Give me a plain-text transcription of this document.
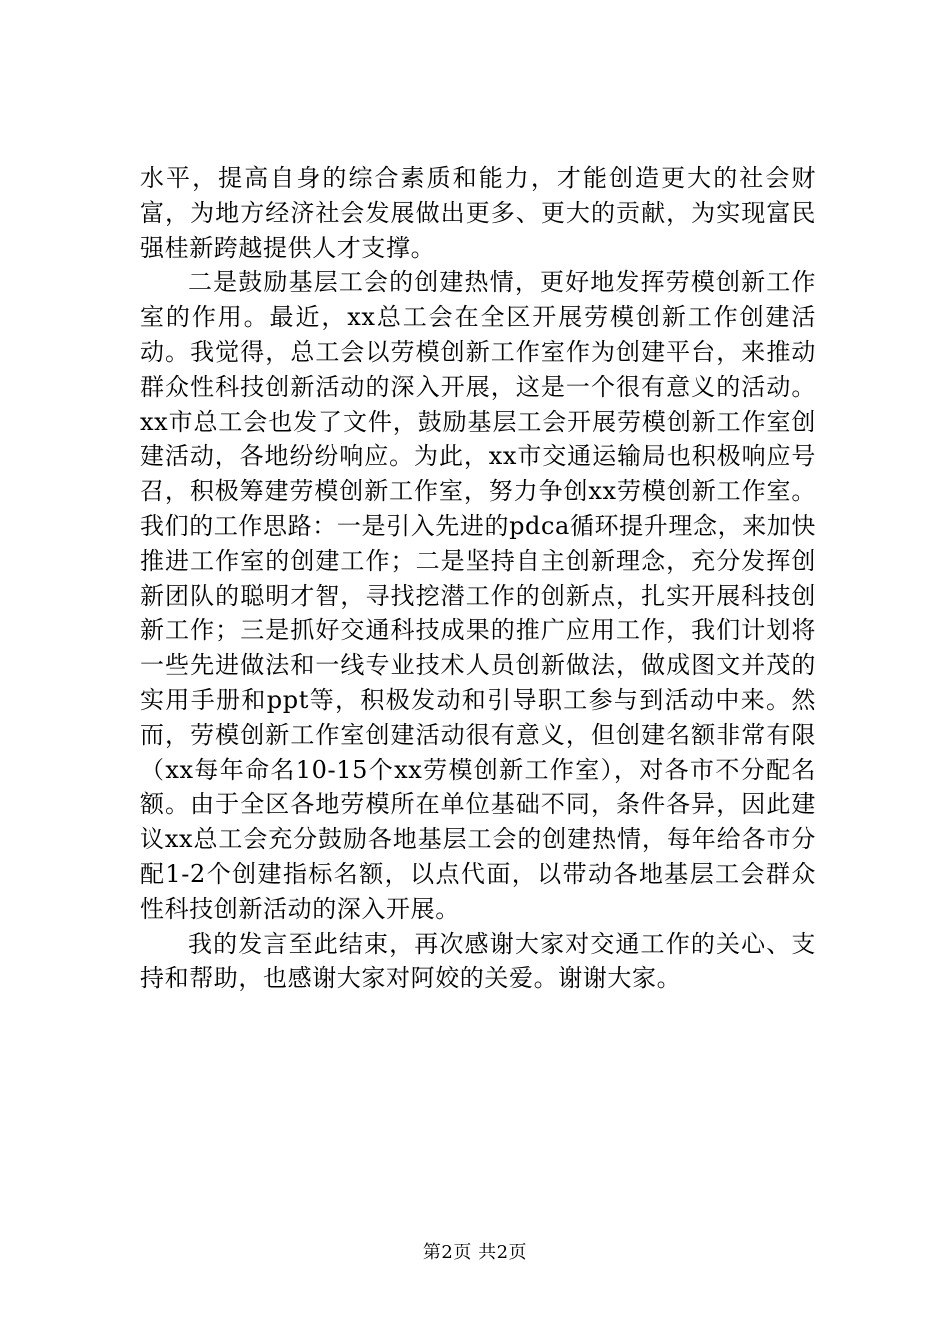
水平，提高自身的综合素质和能力，才能创造更大的社会财富，为地方经济社会发展做出更多、更大的贡献，为实现富民强桂新跨越提供人才支撑。

二是鼓励基层工会的创建热情，更好地发挥劳模创新工作室的作用。最近，xx总工会在全区开展劳模创新工作创建活动。我觉得，总工会以劳模创新工作室作为创建平台，来推动群众性科技创新活动的深入开展，这是一个很有意义的活动。xx市总工会也发了文件，鼓励基层工会开展劳模创新工作室创建活动，各地纷纷响应。为此，xx市交通运输局也积极响应号召，积极筹建劳模创新工作室，努力争创xx劳模创新工作室。我们的工作思路：一是引入先进的pdca循环提升理念，来加快推进工作室的创建工作；二是坚持自主创新理念，充分发挥创新团队的聪明才智，寻找挖潜工作的创新点，扎实开展科技创新工作；三是抓好交通科技成果的推广应用工作，我们计划将一些先进做法和一线专业技术人员创新做法，做成图文并茂的实用手册和ppt等，积极发动和引导职工参与到活动中来。然而，劳模创新工作室创建活动很有意义，但创建名额非常有限（xx每年命名10-15个xx劳模创新工作室），对各市不分配名额。由于全区各地劳模所在单位基础不同，条件各异，因此建议xx总工会充分鼓励各地基层工会的创建热情，每年给各市分配1-2个创建指标名额，以点代面，以带动各地基层工会群众性科技创新活动的深入开展。

我的发言至此结束，再次感谢大家对交通工作的关心、支持和帮助，也感谢大家对阿姣的关爱。谢谢大家。

第2页 共2页
